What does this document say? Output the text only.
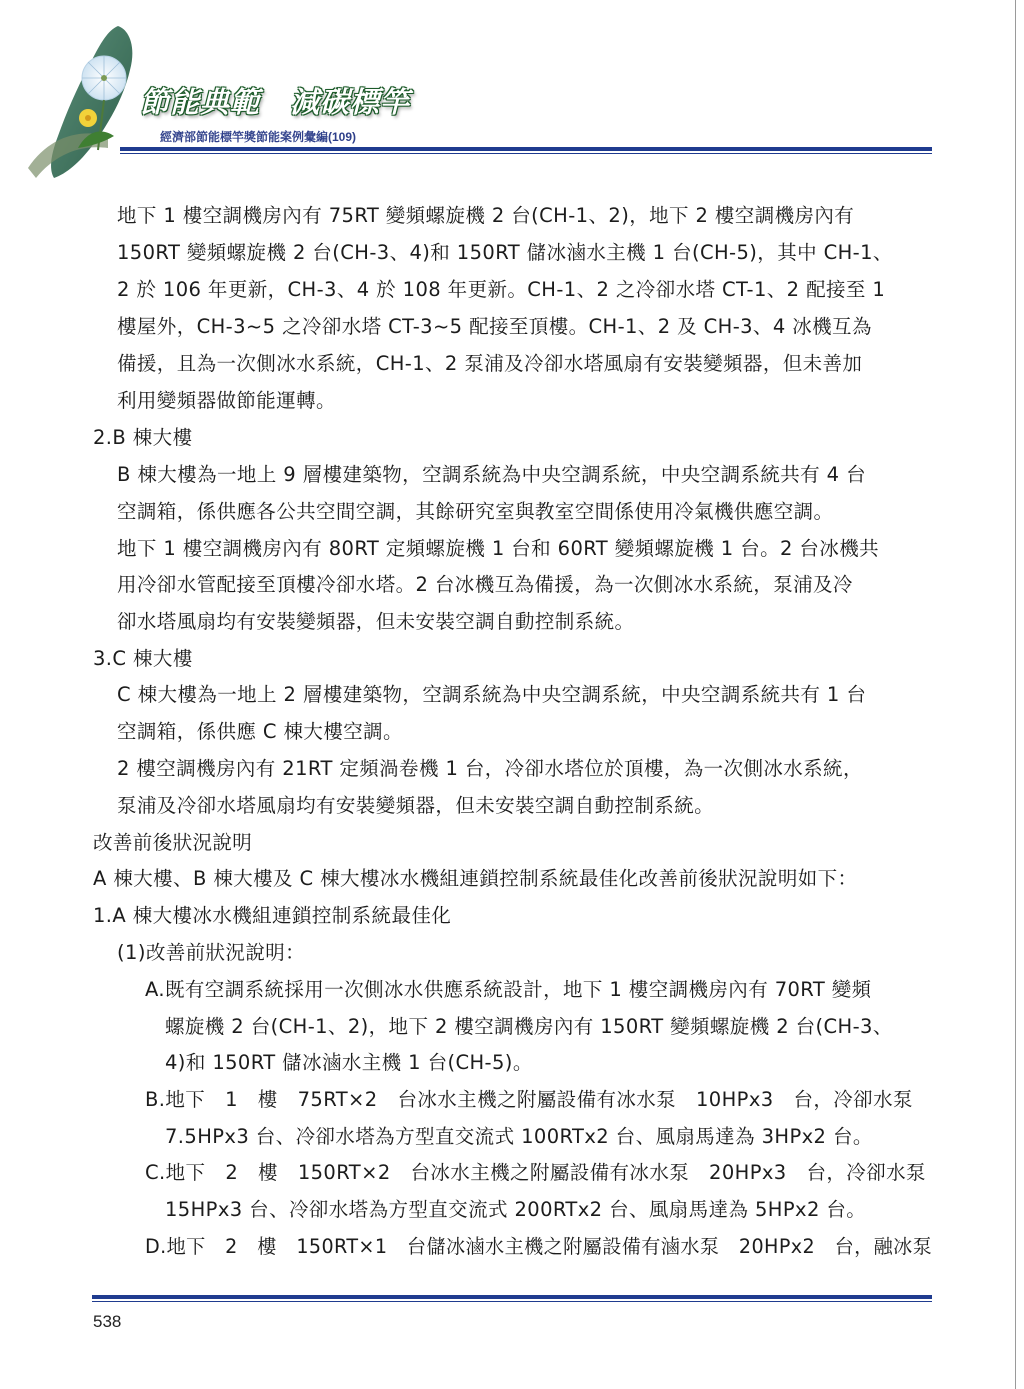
節能典範　減碳標竿
經濟部節能標竿獎節能案例彙編(109)
地下 1 樓空調機房內有 75RT 變頻螺旋機 2 台(CH-1、2)，地下 2 樓空調機房內有
150RT 變頻螺旋機 2 台(CH-3、4)和 150RT 儲冰滷水主機 1 台(CH-5)，其中 CH-1、
2 於 106 年更新，CH-3、4 於 108 年更新。CH-1、2 之冷卻水塔 CT-1、2 配接至 1
樓屋外，CH-3~5 之冷卻水塔 CT-3~5 配接至頂樓。CH-1、2 及 CH-3、4 冰機互為
備援，且為一次側冰水系統，CH-1、2 泵浦及冷卻水塔風扇有安裝變頻器，但未善加
利用變頻器做節能運轉。
2.B 棟大樓
B 棟大樓為一地上 9 層樓建築物，空調系統為中央空調系統，中央空調系統共有 4 台
空調箱，係供應各公共空間空調，其餘研究室與教室空間係使用冷氣機供應空調。
地下 1 樓空調機房內有 80RT 定頻螺旋機 1 台和 60RT 變頻螺旋機 1 台。2 台冰機共
用冷卻水管配接至頂樓冷卻水塔。2 台冰機互為備援，為一次側冰水系統，泵浦及冷
卻水塔風扇均有安裝變頻器，但未安裝空調自動控制系統。
3.C 棟大樓
C 棟大樓為一地上 2 層樓建築物，空調系統為中央空調系統，中央空調系統共有 1 台
空調箱，係供應 C 棟大樓空調。
2 樓空調機房內有 21RT 定頻渦卷機 1 台，冷卻水塔位於頂樓，為一次側冰水系統，
泵浦及冷卻水塔風扇均有安裝變頻器，但未安裝空調自動控制系統。
改善前後狀況說明
A 棟大樓、B 棟大樓及 C 棟大樓冰水機組連鎖控制系統最佳化改善前後狀況說明如下：
1.A 棟大樓冰水機組連鎖控制系統最佳化
(1)改善前狀況說明：
A.既有空調系統採用一次側冰水供應系統設計，地下 1 樓空調機房內有 70RT 變頻
螺旋機 2 台(CH-1、2)，地下 2 樓空調機房內有 150RT 變頻螺旋機 2 台(CH-3、
4)和 150RT 儲冰滷水主機 1 台(CH-5)。
B.地下　1　樓　75RT×2　台冰水主機之附屬設備有冰水泵　10HPx3　台，冷卻水泵
7.5HPx3 台、冷卻水塔為方型直交流式 100RTx2 台、風扇馬達為 3HPx2 台。
C.地下　2　樓　150RT×2　台冰水主機之附屬設備有冰水泵　20HPx3　台，冷卻水泵
15HPx3 台、冷卻水塔為方型直交流式 200RTx2 台、風扇馬達為 5HPx2 台。
D.地下　2　樓　150RT×1　台儲冰滷水主機之附屬設備有滷水泵　20HPx2　台，融冰泵
538
